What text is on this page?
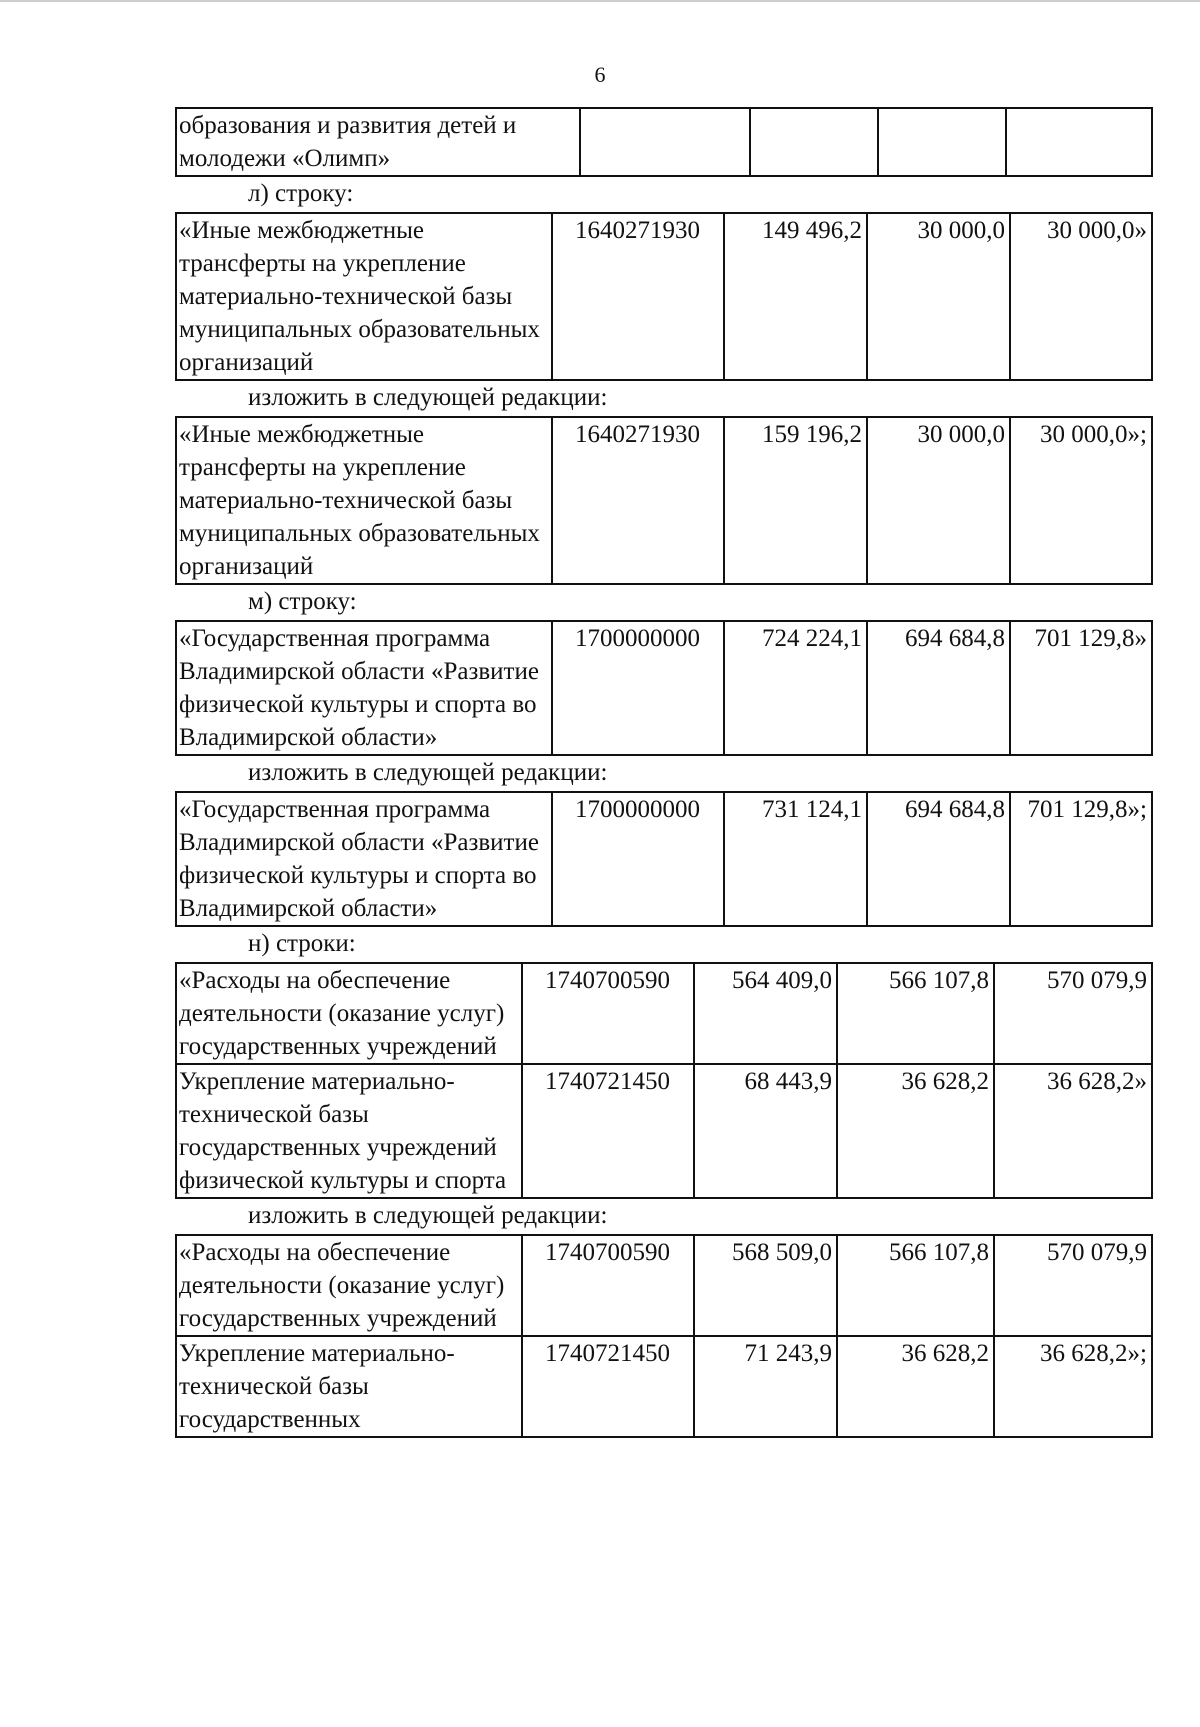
6
образования и развития детей и молодежи «Олимп»				
л) строку:
«Иные межбюджетные трансферты на укрепление материально-технической базы муниципальных образовательных организаций	1640271930	149 496,2	30 000,0	30 000,0»
изложить в следующей редакции:
«Иные межбюджетные трансферты на укрепление материально-технической базы муниципальных образовательных организаций	1640271930	159 196,2	30 000,0	30 000,0»;
м) строку:
«Государственная программа Владимирской области «Развитие физической культуры и спорта во Владимирской области»	1700000000	724 224,1	694 684,8	701 129,8»
изложить в следующей редакции:
«Государственная программа Владимирской области «Развитие физической культуры и спорта во Владимирской области»	1700000000	731 124,1	694 684,8	701 129,8»;
н) строки:
«Расходы на обеспечение деятельности (оказание услуг) государственных учреждений	1740700590	564 409,0	566 107,8	570 079,9
Укрепление материально-технической базы государственных учреждений физической культуры и спорта	1740721450	68 443,9	36 628,2	36 628,2»
изложить в следующей редакции:
«Расходы на обеспечение деятельности (оказание услуг) государственных учреждений	1740700590	568 509,0	566 107,8	570 079,9
Укрепление материально-технической базы государственных	1740721450	71 243,9	36 628,2	36 628,2»;
